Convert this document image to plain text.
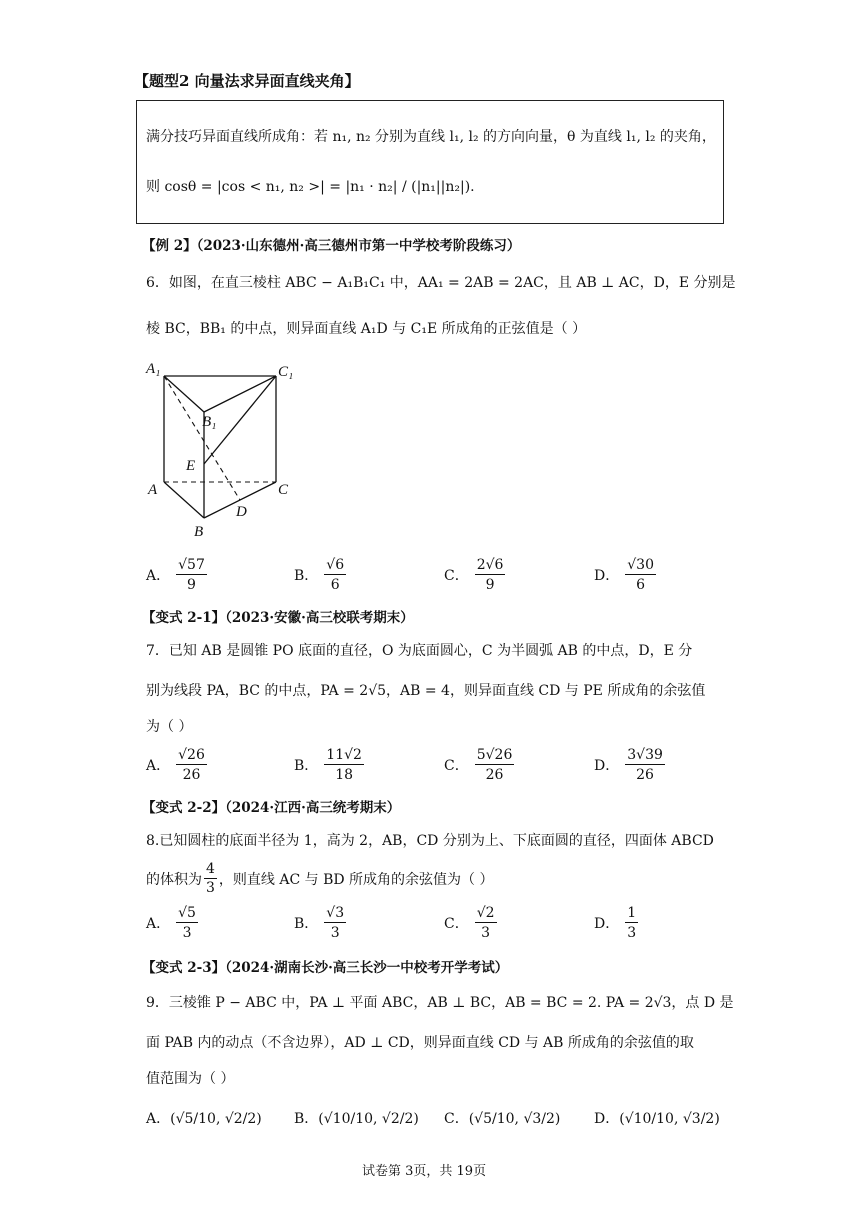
【题型2 向量法求异面直线夹角】
满分技巧异面直线所成角：若 n₁, n₂ 分别为直线 l₁, l₂ 的方向向量，θ 为直线 l₁, l₂ 的夹角，
则 cosθ = |cos < n₁, n₂ >| = |n₁ · n₂| / (|n₁||n₂|).
【例 2】（2023·山东德州·高三德州市第一中学校考阶段练习）
6．如图，在直三棱柱 ABC − A₁B₁C₁ 中，AA₁ = 2AB = 2AC，且 AB ⊥ AC，D，E 分别是
棱 BC，BB₁ 的中点，则异面直线 A₁D 与 C₁E 所成角的正弦值是（ ）
A₁	C₁
B₁
E
A	C
D
B
A． $\frac{√57}{9}$	B． $\frac{√6}{6}$	C． $\frac{2√6}{9}$	D． $\frac{√30}{6}$
【变式 2-1】（2023·安徽·高三校联考期末）
7．已知 AB 是圆锥 PO 底面的直径，O 为底面圆心，C 为半圆弧 AB 的中点，D，E 分
别为线段 PA，BC 的中点，PA = 2√5，AB = 4，则异面直线 CD 与 PE 所成角的余弦值
为（ ）
A． $\frac{√26}{26}$	B． $\frac{11√2}{18}$	C． $\frac{5√26}{26}$	D． $\frac{3√39}{26}$
【变式 2-2】（2024·江西·高三统考期末）
8.已知圆柱的底面半径为 1，高为 2，AB，CD 分别为上、下底面圆的直径，四面体 ABCD
的体积为 $\frac{4}{3}$ ，则直线 AC 与 BD 所成角的余弦值为（ ）
A． $\frac{√5}{3}$	B． $\frac{√3}{3}$	C． $\frac{√2}{3}$	D． $\frac{1}{3}$
【变式 2-3】（2024·湖南长沙·高三长沙一中校考开学考试）
9．三棱锥 P − ABC 中，PA ⊥ 平面 ABC，AB ⊥ BC，AB = BC = 2. PA = 2√3，点 D 是
面 PAB 内的动点（不含边界），AD ⊥ CD，则异面直线 CD 与 AB 所成角的余弦值的取
值范围为（ ）
A．(√5/10, √2/2) B．(√10/10, √2/2) C．(√5/10, √3/2) D．(√10/10, √3/2)
试卷第 3页，共 19页
